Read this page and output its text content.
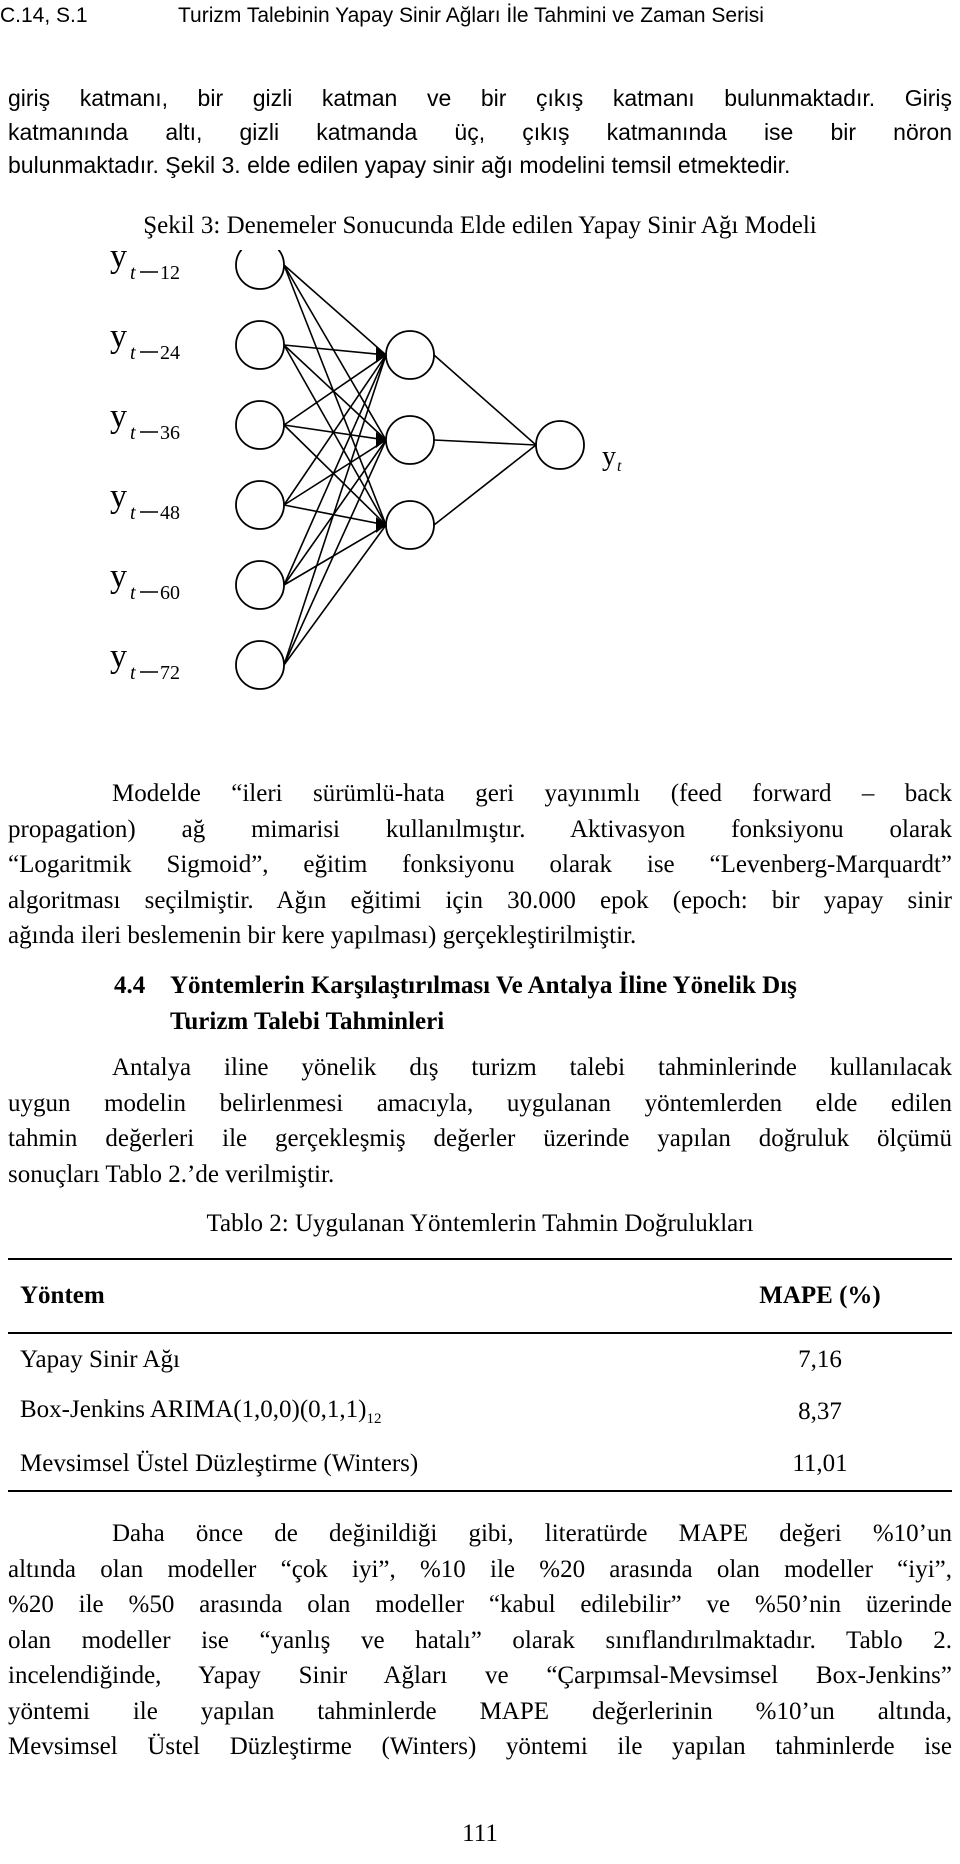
C.14, S.1	Turizm Talebinin Yapay Sinir Ağları İle Tahmini ve Zaman Serisi
giriş katmanı, bir gizli katman ve bir çıkış katmanı bulunmaktadır. Giriş
katmanında altı, gizli katmanda üç, çıkış katmanında ise bir nöron
bulunmaktadır. Şekil 3. elde edilen yapay sinir ağı modelini temsil etmektedir.
Şekil 3: Denemeler Sonucunda Elde edilen Yapay Sinir Ağı Modeli
y t 12
y t 24
y t 36
y t 48
y t 60
y t 72
y t
Modelde “ileri sürümlü-hata geri yayınımlı (feed forward – back
propagation) ağ mimarisi kullanılmıştır. Aktivasyon fonksiyonu olarak
“Logaritmik Sigmoid”, eğitim fonksiyonu olarak ise “Levenberg-Marquardt”
algoritması seçilmiştir. Ağın eğitimi için 30.000 epok (epoch: bir yapay sinir
ağında ileri beslemenin bir kere yapılması) gerçekleştirilmiştir.
4.4 Yöntemlerin Karşılaştırılması Ve Antalya İline Yönelik Dış
Turizm Talebi Tahminleri
Antalya iline yönelik dış turizm talebi tahminlerinde kullanılacak
uygun modelin belirlenmesi amacıyla, uygulanan yöntemlerden elde edilen
tahmin değerleri ile gerçekleşmiş değerler üzerinde yapılan doğruluk ölçümü
sonuçları Tablo 2.’de verilmiştir.
Tablo 2: Uygulanan Yöntemlerin Tahmin Doğrulukları
Yöntem	MAPE (%)
Yapay Sinir Ağı	7,16
Box-Jenkins $ARIMA(1,0,0)(0,1,1)_{12}$	8,37
Mevsimsel Üstel Düzleştirme (Winters)	11,01
Daha önce de değinildiği gibi, literatürde MAPE değeri %10’un
altında olan modeller “çok iyi”, %10 ile %20 arasında olan modeller “iyi”,
%20 ile %50 arasında olan modeller “kabul edilebilir” ve %50’nin üzerinde
olan modeller ise “yanlış ve hatalı” olarak sınıflandırılmaktadır. Tablo 2.
incelendiğinde, Yapay Sinir Ağları ve “Çarpımsal-Mevsimsel Box-Jenkins”
yöntemi ile yapılan tahminlerde MAPE değerlerinin %10’un altında,
Mevsimsel Üstel Düzleştirme (Winters) yöntemi ile yapılan tahminlerde ise
111
